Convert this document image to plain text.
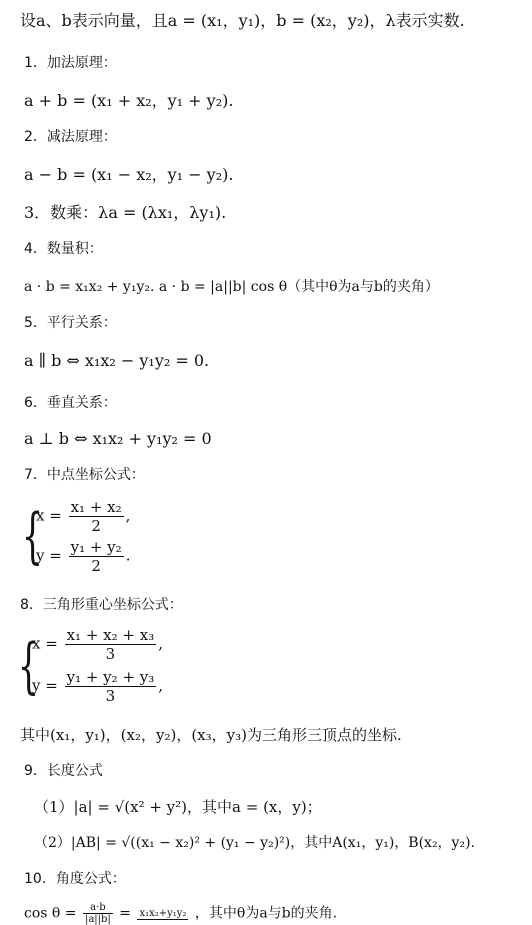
设a、b表示向量，且a = (x₁，y₁)，b = (x₂，y₂)，λ表示实数.
1．加法原理：
a + b = (x₁ + x₂，y₁ + y₂).
2．减法原理：
a − b = (x₁ − x₂，y₁ − y₂).
3．数乘：λa = (λx₁，λy₁).
4．数量积：
a · b = x₁x₂ + y₁y₂. a · b = |a||b| cos θ（其中θ为a与b的夹角）
5．平行关系：
a ∥ b ⇔ x₁x₂ − y₁y₂ = 0.
6．垂直关系：
a ⊥ b ⇔ x₁x₂ + y₁y₂ = 0
7．中点坐标公式：
{
$x = \frac{\text{x₁ + x₂}}{2}$ ,
$y = \frac{\text{y₁ + y₂}}{2}$ .
8．三角形重心坐标公式：
{
$x = \frac{\text{x₁ + x₂ + x₃}}{3}$ ,
$y = \frac{\text{y₁ + y₂ + y₃}}{3}$ ,
其中(x₁，y₁)，(x₂，y₂)，(x₃，y₃)为三角形三顶点的坐标.
9．长度公式
（1）|a| = √(x² + y²)，其中a = (x，y)；
（2）|AB| = √((x₁ − x₂)² + (y₁ − y₂)²)，其中A(x₁，y₁)，B(x₂，y₂).
10．角度公式：
$\cos \theta = \frac{a\cdot b}{|a||b|} = x_1x_2+y_1y_2$ ，其中θ为a与b的夹角.
